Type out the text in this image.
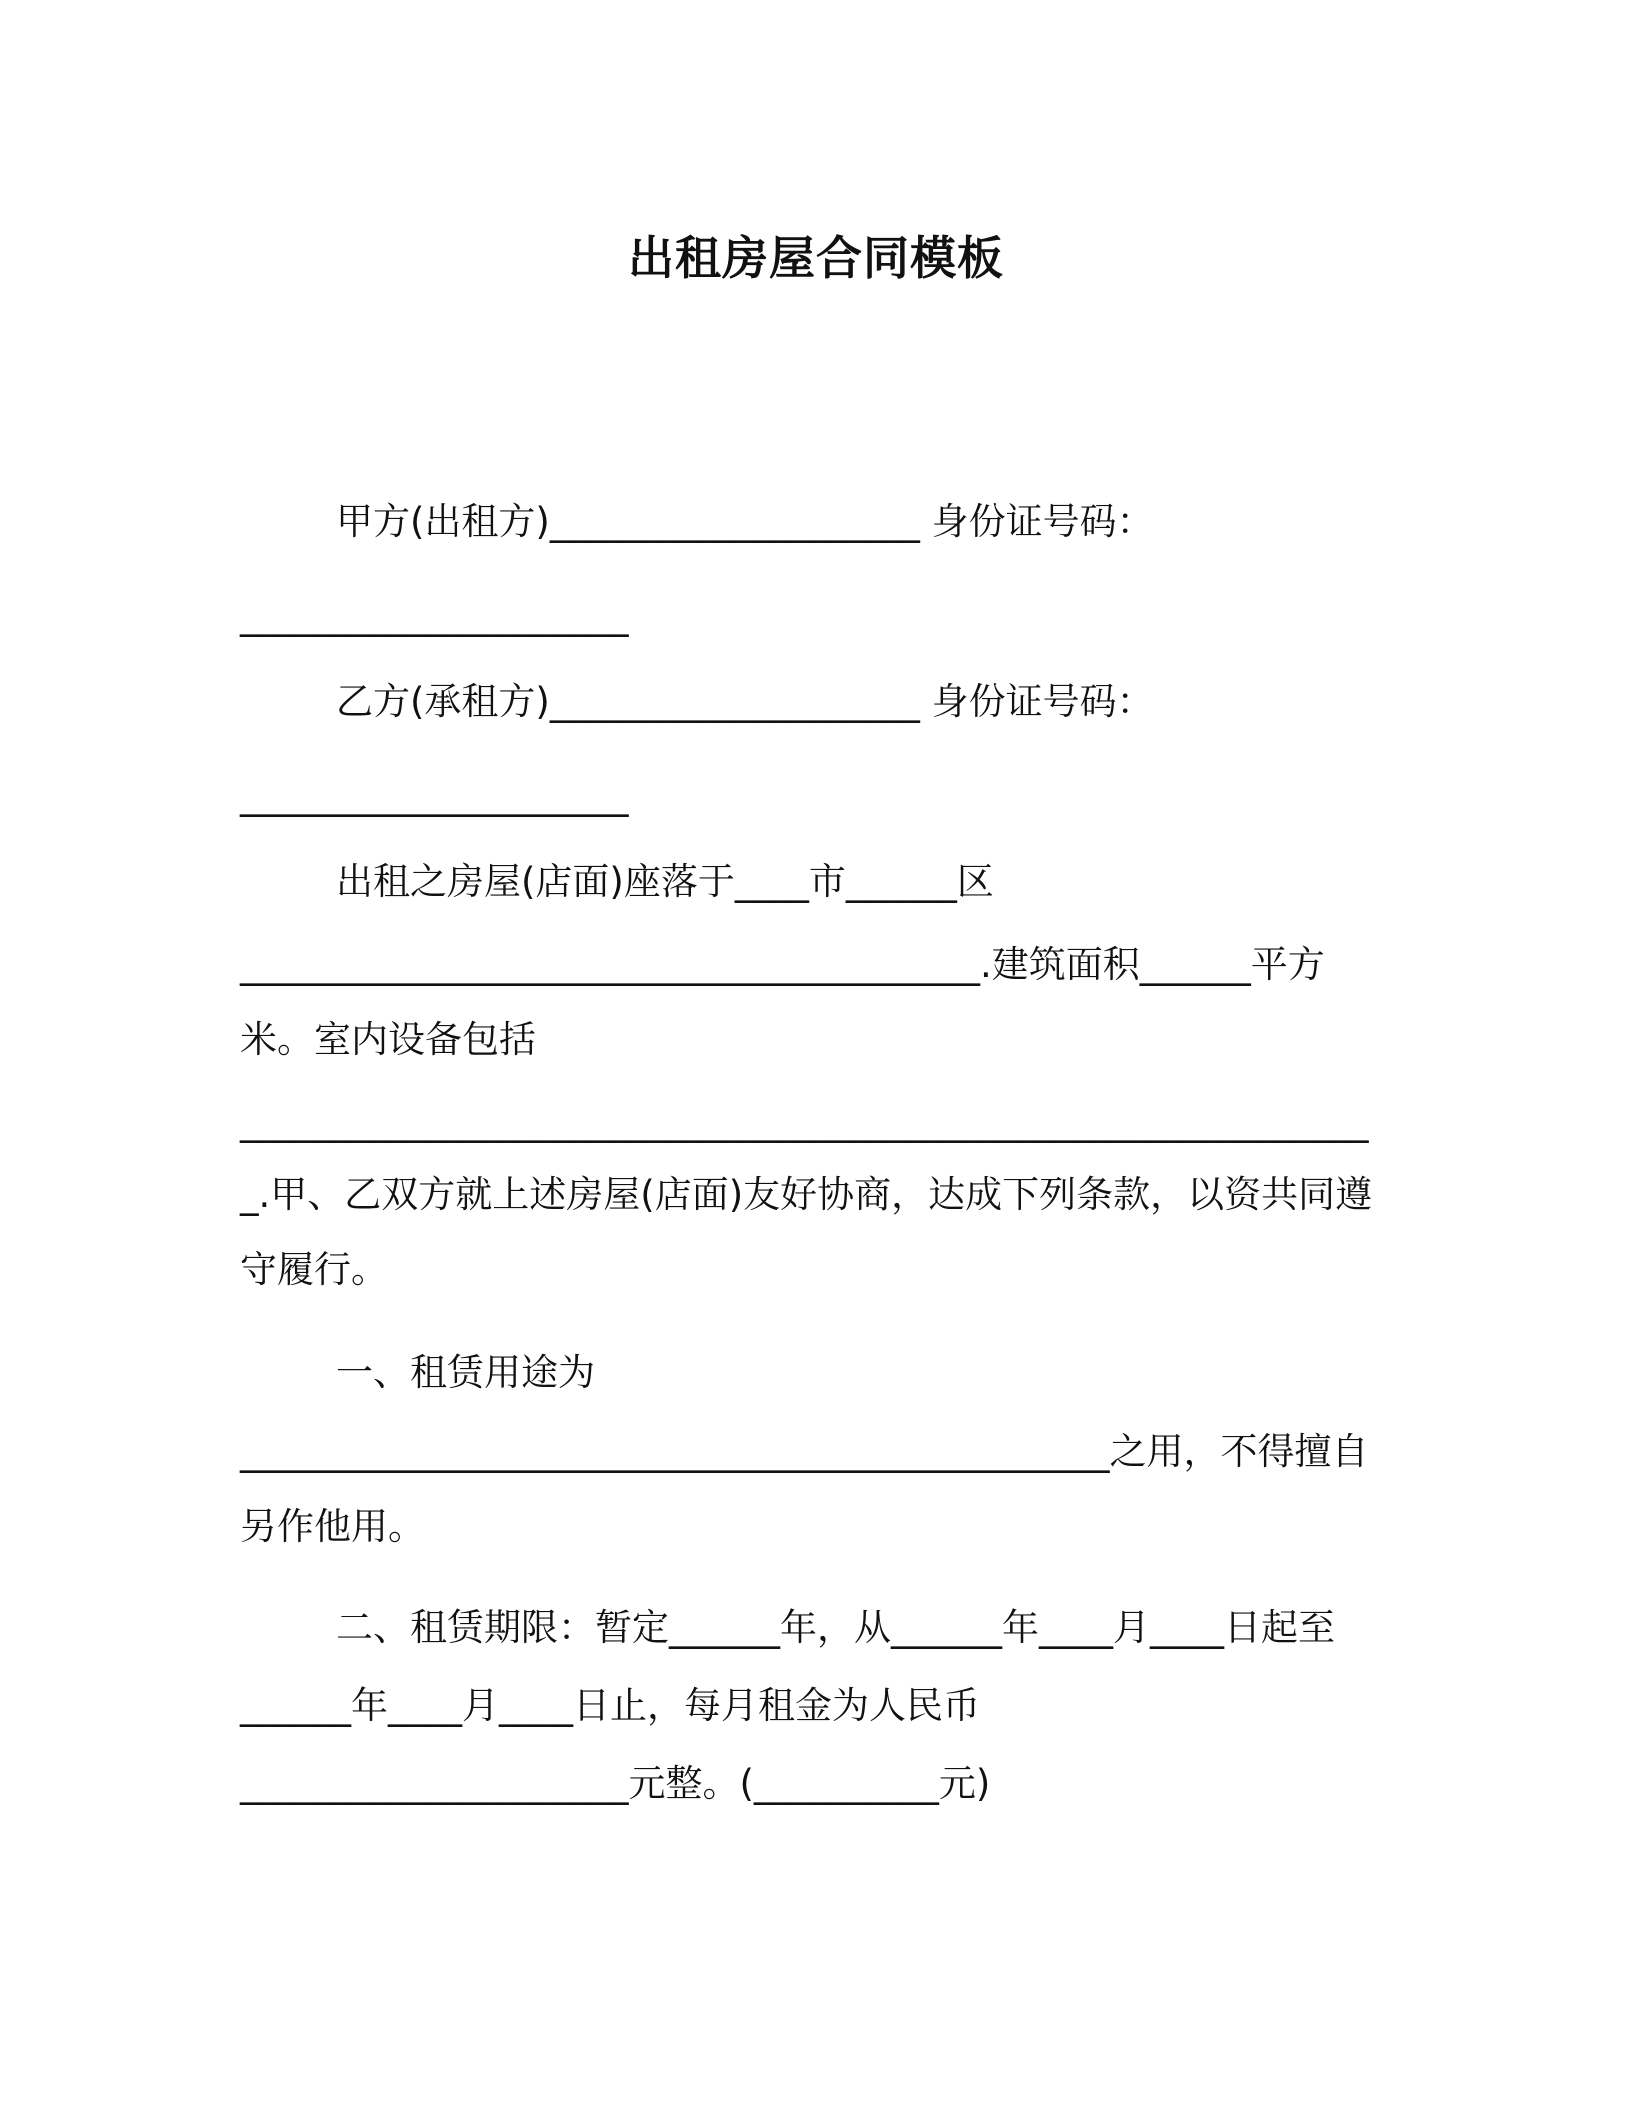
出租房屋合同模板
甲方(出租方)____________________ 身份证号码：
_____________________
乙方(承租方)____________________ 身份证号码：
_____________________
出租之房屋(店面)座落于____市______区
________________________________________.建筑面积______平方
米。室内设备包括
_____________________________________________________________
_.甲、乙双方就上述房屋(店面)友好协商，达成下列条款，以资共同遵
守履行。
一、租赁用途为
_______________________________________________之用，不得擅自
另作他用。
二、租赁期限：暂定______年，从______年____月____日起至
______年____月____日止，每月租金为人民币
_____________________元整。(__________元)
